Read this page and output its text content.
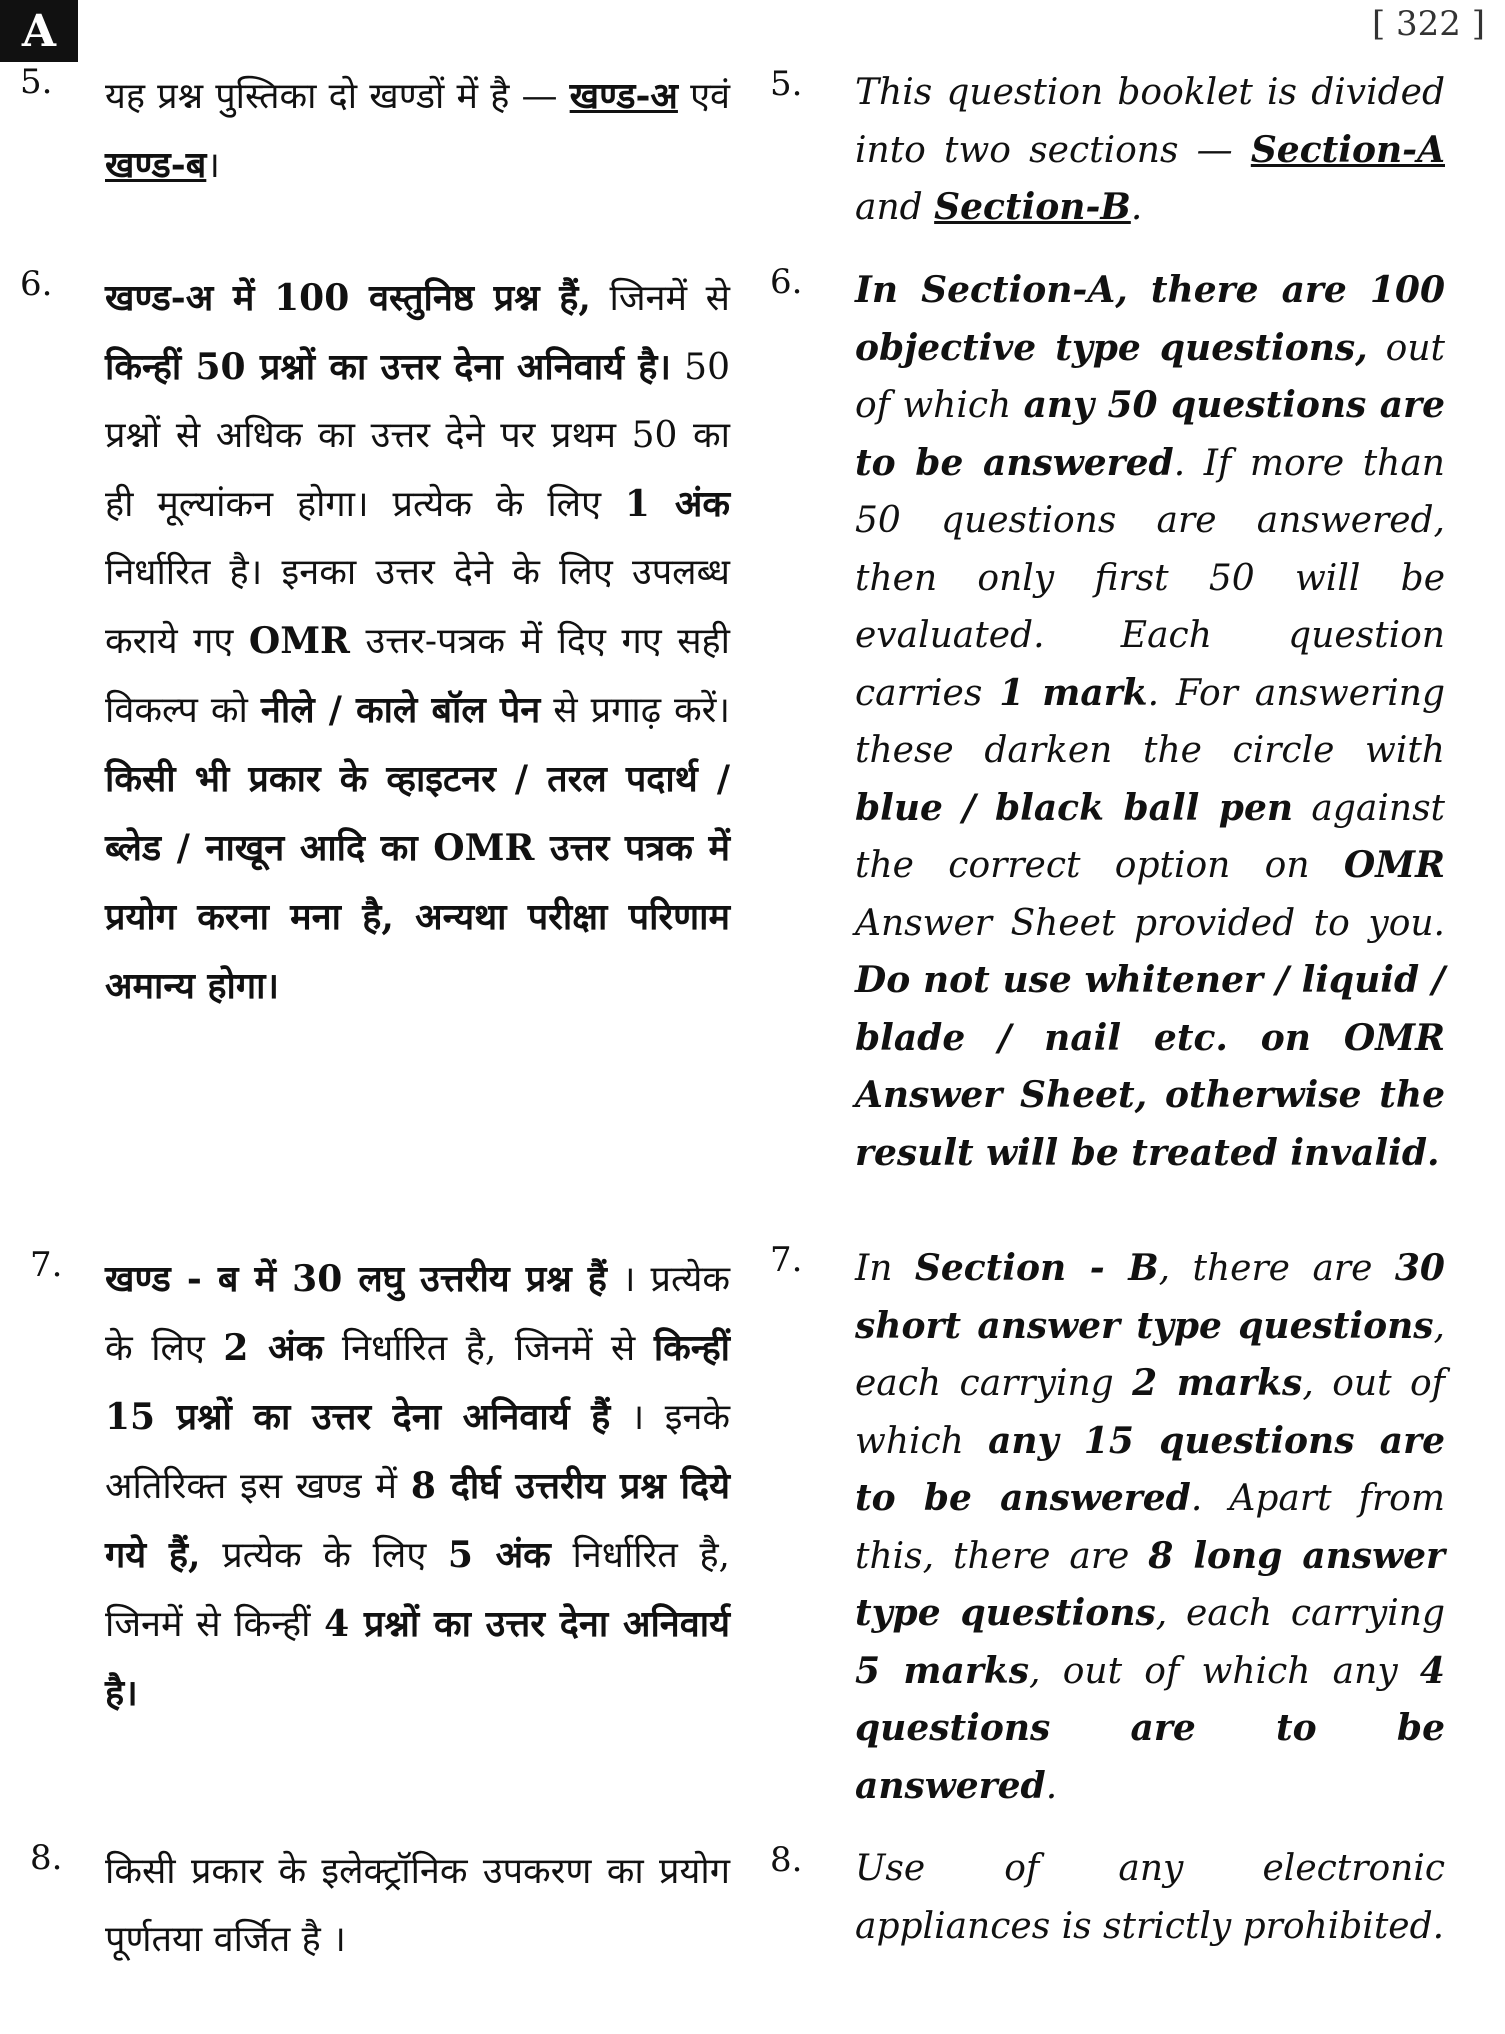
A	[ 322 ]
5. यह प्रश्न पुस्तिका दो खण्डों में है — खण्ड-अ एवं खण्ड-ब।

6. खण्ड-अ में 100 वस्तुनिष्ठ प्रश्न हैं, जिनमें से किन्हीं 50 प्रश्नों का उत्तर देना अनिवार्य है। 50 प्रश्नों से अधिक का उत्तर देने पर प्रथम 50 का ही मूल्यांकन होगा। प्रत्येक के लिए 1 अंक निर्धारित है। इनका उत्तर देने के लिए उपलब्ध कराये गए OMR उत्तर-पत्रक में दिए गए सही विकल्प को नीले / काले बॉल पेन से प्रगाढ़ करें। किसी भी प्रकार के व्हाइटनर / तरल पदार्थ / ब्लेड / नाखून आदि का OMR उत्तर पत्रक में प्रयोग करना मना है, अन्यथा परीक्षा परिणाम अमान्य होगा।

7. खण्ड - ब में 30 लघु उत्तरीय प्रश्न हैं । प्रत्येक के लिए 2 अंक निर्धारित है, जिनमें से किन्हीं 15 प्रश्नों का उत्तर देना अनिवार्य हैं । इनके अतिरिक्त इस खण्ड में 8 दीर्घ उत्तरीय प्रश्न दिये गये हैं, प्रत्येक के लिए 5 अंक निर्धारित है, जिनमें से किन्हीं 4 प्रश्नों का उत्तर देना अनिवार्य है।

8. किसी प्रकार के इलेक्ट्रॉनिक उपकरण का प्रयोग पूर्णतया वर्जित है ।

5. This question booklet is divided into two sections — Section-A and Section-B.

6. In Section-A, there are 100 objective type questions, out of which any 50 questions are to be answered. If more than 50 questions are answered, then only first 50 will be evaluated. Each question carries 1 mark. For answering these darken the circle with blue / black ball pen against the correct option on OMR Answer Sheet provided to you. Do not use whitener / liquid / blade / nail etc. on OMR Answer Sheet, otherwise the result will be treated invalid.

7. In Section - B, there are 30 short answer type questions, each carrying 2 marks, out of which any 15 questions are to be answered. Apart from this, there are 8 long answer type questions, each carrying 5 marks, out of which any 4 questions are to be answered.

8. Use of any electronic appliances is strictly prohibited.
